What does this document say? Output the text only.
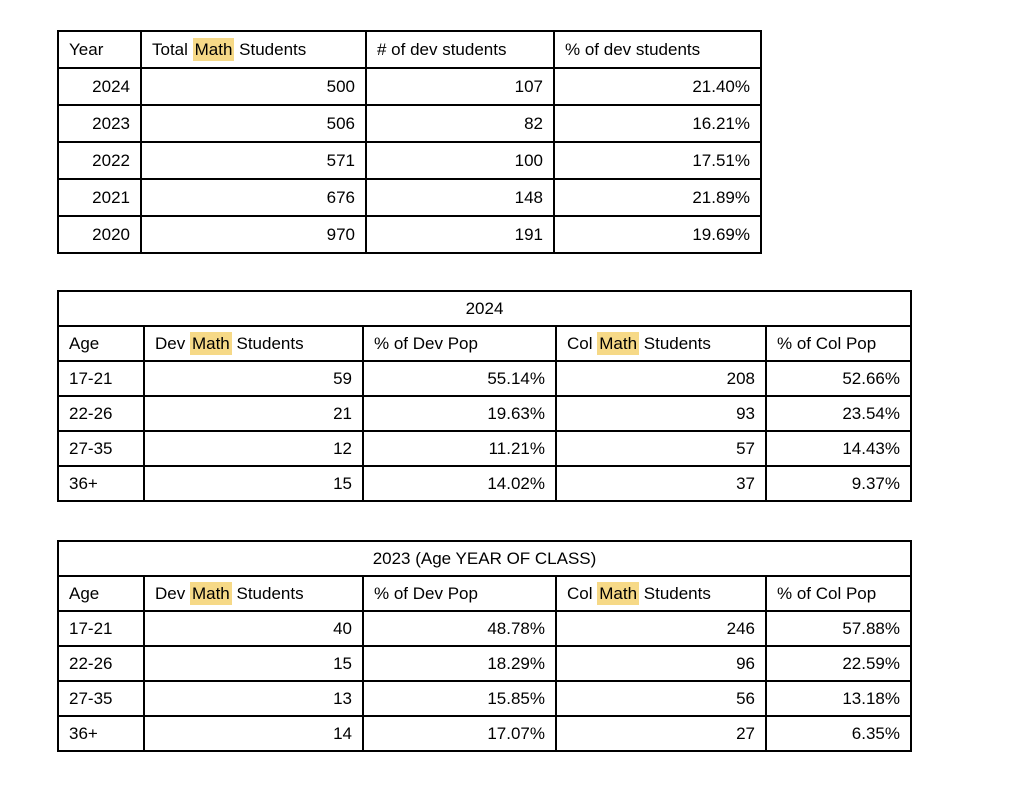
Year	Total Math Students	# of dev students	% of dev students
2024	500	107	21.40%
2023	506	82	16.21%
2022	571	100	17.51%
2021	676	148	21.89%
2020	970	191	19.69%
2024				
Age	Dev Math Students	% of Dev Pop	Col Math Students	% of Col Pop
17-21	59	55.14%	208	52.66%
22-26	21	19.63%	93	23.54%
27-35	12	11.21%	57	14.43%
36+	15	14.02%	37	9.37%
2023 (Age YEAR OF CLASS)				
Age	Dev Math Students	% of Dev Pop	Col Math Students	% of Col Pop
17-21	40	48.78%	246	57.88%
22-26	15	18.29%	96	22.59%
27-35	13	15.85%	56	13.18%
36+	14	17.07%	27	6.35%
